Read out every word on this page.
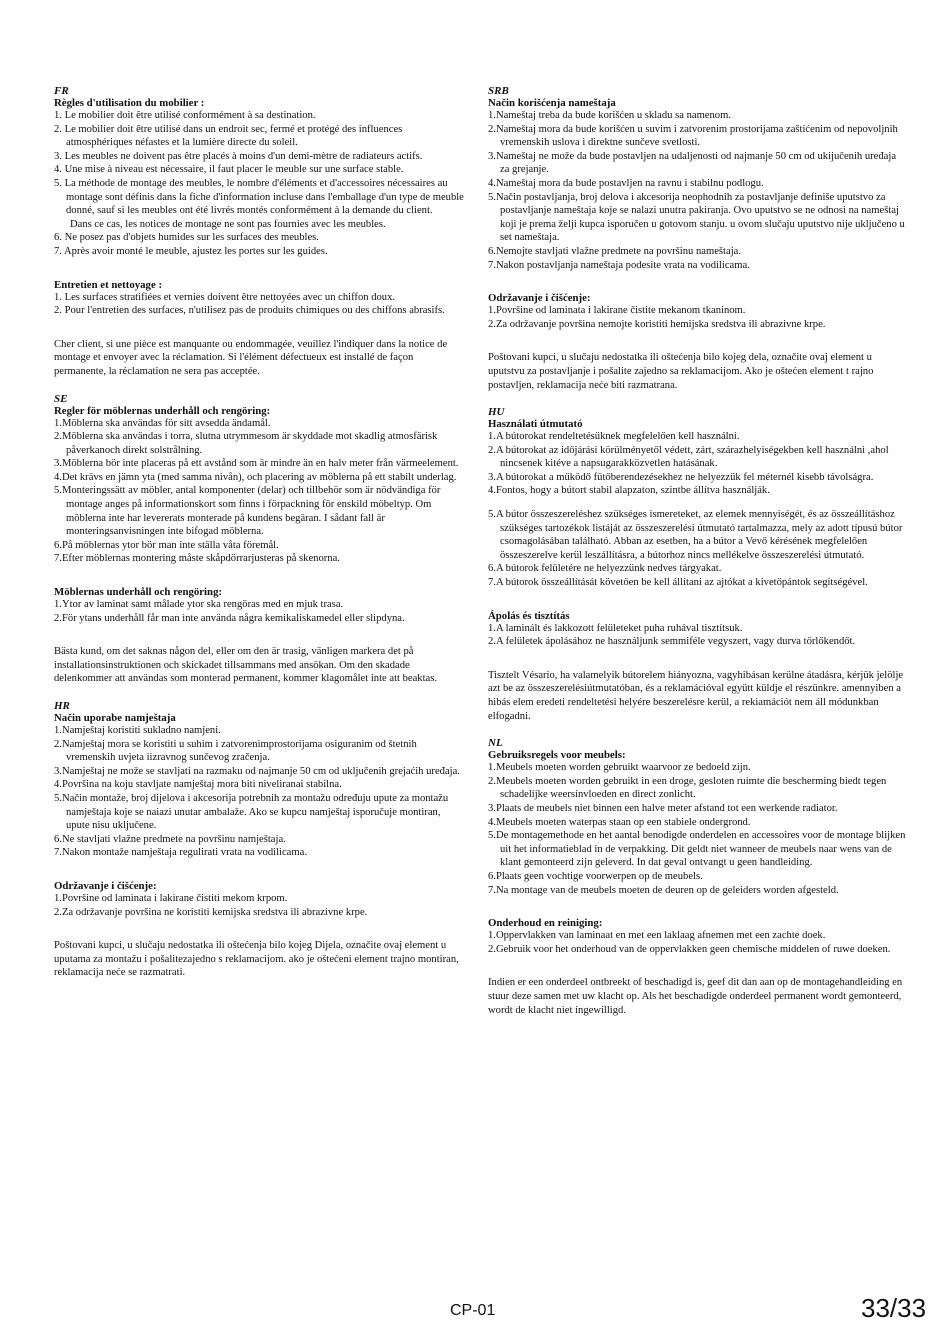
FR

Règles d'utilisation du mobilier :

1. Le mobilier doit être utilisé conformément à sa destination.

2. Le mobilier doit être utilisé dans un endroit sec, fermé et protégé des influences atmosphériques néfastes et la lumière directe du soleil.

3. Les meubles ne doivent pas être placés à moins d'un demi-mètre de radiateurs actifs.

4. Une mise à niveau est nécessaire, il faut placer le meuble sur une surface stable.

5. La méthode de montage des meubles, le nombre d'éléments et d'accessoires nécessaires au montage sont définis dans la fiche d'information incluse dans l'emballage d'un type de meuble donné, sauf si les meubles ont été livrés montés conformément à la demande du client.

Dans ce cas, les notices de montage ne sont pas fournies avec les meubles.

6. Ne posez pas d'objets humides sur les surfaces des meubles.

7. Après avoir monté le meuble, ajustez les portes sur les guides.

Entretien et nettoyage :

1. Les surfaces stratifiées et vernies doivent être nettoyées avec un chiffon doux.

2. Pour l'entretien des surfaces, n'utilisez pas de produits chimiques ou des chiffons abrasifs.

Cher client, si une pièce est manquante ou endommagée, veuillez l'indiquer dans la notice de montage et envoyer avec la réclamation. Si l'élément défectueux est installé de façon permanente, la réclamation ne sera pas acceptée.

SE

Regler för möblernas underhåll och rengöring:

1.Möblerna ska användas för sitt avsedda ändamål.

2.Möblerna ska användas i torra, slutna utrymmesom är skyddade mot skadlig atmosfärisk påverkanoch direkt solstrålning.

3.Möblerna bör inte placeras på ett avstånd som är mindre än en halv meter från värmeelement.

4.Det krävs en jämn yta (med samma nivån), och placering av möblerna på ett stabilt underlag.

5.Monteringssätt av möbler, antal komponenter (delar) och tillbehör som är nödvändiga för montage anges på informationskort som finns i förpackning för enskild möbeltyp. Om möblerna inte har levererats monterade på kundens begäran. I sådant fall är monteringsanvisningen inte bifogad möblerna.

6.På möblernas ytor bör man inte ställa våta föremål.

7.Efter möblernas montering måste skåpdörrarjusteras på skenorna.

Möblernas underhåll och rengöring:

1.Ytor av laminat samt målade ytor ska rengöras med en mjuk trasa.

2.För ytans underhåll får man inte använda några kemikaliskamedel eller slipdyna.

Bästa kund, om det saknas någon del, eller om den är trasig, vänligen markera det på installationsinstruktionen och skickadet tillsammans med ansökan. Om den skadade delenkommer att användas som monterad permanent, kommer klagomålet inte att beaktas.

HR

Način uporabe namještaja

1.Namještaj koristiti sukladno namjeni.

2.Namještaj mora se koristiti u suhim i zatvorenimprostorijama osiguranim od štetnih vremenskih uvjeta iizravnog sunčevog zračenja.

3.Namještaj ne može se stavljati na razmaku od najmanje 50 cm od uključenih grejaćih uređaja.

4.Površina na koju stavljate namještaj mora biti niveliranai stabilna.

5.Način montaže, broj dijelova i akcesorija potrebnih za montažu određuju upute za montažu namještaja koje se naiazi unutar ambalaže. Ako se kupcu namještaj isporučuje montiran, upute nisu uključene.

6.Ne stavljati vlažne predmete na površinu namještaja.

7.Nakon montaže namještaja regulirati vrata na vodilicama.

Održavanje i čišćenje:

1.Površine od laminata i lakirane čistiti mekom krpom.

2.Za održavanje površina ne koristiti kemijska sredstva ili abrazivne krpe.

Poštovani kupci, u slučaju nedostatka ili oštećenja bilo kojeg Dijela, označite ovaj element u uputama za montažu i pošalitezajedno s reklamacijom. ako je oštećeni element trajno montiran, reklamacija neće se razmatrati.

SRB

Način korišćenja nameštaja

1.Nameštaj treba da bude korišćen u skladu sa namenom.

2.Nameštaj mora da bude korišćen u suvim i zatvorenim prostorijama zaštićenim od nepovoljnih vremenskih uslova i direktne sunčeve svetlosti.

3.Nameštaj ne može da bude postavljen na udaljenosti od najmanje 50 cm od ukijučenih uređaja za grejanje.

4.Nameštaj mora da bude postavljen na ravnu i stabilnu podlogu.

5.Način postavljanja, broj delova i akcesorija neophodnih za postavljanje definiše uputstvo za postavljanje nameštaja koje se nalazi unutra pakiranja. Ovo uputstvo se ne odnosi na nameštaj koji je prema želji kupca isporučen u gotovom stanju. u ovom slučaju uputstvo nije uključeno u set nameštaja.

6.Nemojte stavljati vlažne predmete na površinu nameštaja.

7.Nakon postavljanja nameštaja podesite vrata na vodilicama.

Održavanje i čišćenje:

1.Površine od laminata i lakirane čistite mekanom tkaninom.

2.Za održavanje površina nemojte koristiti hemijska sredstva ili abrazivne krpe.

Poštovani kupci, u slučaju nedostatka ili oštećenja bilo kojeg dela, označite ovaj element u uputstvu za postavljanje i pošalite zajedno sa reklamacijom. Ako je oštećen element t rajno postavljen, reklamacija neće biti razmatrana.

HU

Használati útmutató

1.A bútorokat rendeltetésüknek megfelelően kell használni.

2.A bútorokat az időjárási körülményetől védett, zárt, szárazhelyiségekben kell használni ,ahol nincsenek kitéve a napsugarakközvetlen hatásának.

3.A bútorokat a működő fűtőberendezésekhez ne helyezzük fel méternél kisebb távolságra.

4.Fontos, hogy a bútort stabil alapzaton, szintbe állítva használják.

5.A bútor összeszereléshez szükséges ismereteket, az elemek mennyiségét, és az összeállításhoz szükséges tartozékok listáját az összeszerelési útmutató tartalmazza, mely az adott típusú bútor csomagolásában található. Abban az esetben, ha a bútor a Vevő kérésének megfelelően összeszerelve kerül leszállításra, a bútorhoz nincs mellékelve összeszerelési útmutató.

6.A bútorok felületére ne helyezzünk nedves tárgyakat.

7.A bútorok összeállítását követően be kell állítani az ajtókat a kivetőpántok segítségével.

Ápolás és tisztítás

1.A laminált és lakkozott felületeket puha ruhával tisztítsuk.

2.A felületek ápolásához ne használjunk semmiféle vegyszert, vagy durva törlőkendőt.

Tisztelt Vésario, ha valamelyik bútorelem hiányozna, vagyhibásan kerülne átadásra, kérjük jelölje azt be az összeszerelésiútmutatóban, és a reklamációval együtt küldje el részünkre. amennyiben a hibás elem eredeti rendeltetési helyére beszerelésre kerül, a rekiamációt nem áll módunkban elfogadni.

NL

Gebruiksregels voor meubels:

1.Meubels moeten worden gebruikt waarvoor ze bedoeld zijn.

2.Meubels moeten worden gebruikt in een droge, gesloten ruimte die bescherming biedt tegen schadelijke weersinvloeden en direct zonlicht.

3.Plaats de meubels niet binnen een halve meter afstand tot een werkende radiator.

4.Meubels moeten waterpas staan op een stabiele ondergrond.

5.De montagemethode en het aantal benodigde onderdelen en accessoires voor de montage blijken uit het informatieblad in de verpakking. Dit geldt niet wanneer de meubels naar wens van de klant gemonteerd zijn geleverd. In dat geval ontvangt u geen handleiding.

6.Plaats geen vochtige voorwerpen op de meubels.

7.Na montage van de meubels moeten de deuren op de geleiders worden afgesteld.

Onderhoud en reiniging:

1.Oppervlakken van laminaat en met een laklaag afnemen met een zachte doek.

2.Gebruik voor het onderhoud van de oppervlakken geen chemische middelen of ruwe doeken.

Indien er een onderdeel ontbreekt of beschadigd is, geef dit dan aan op de montagehandleiding en stuur deze samen met uw klacht op. Als het beschadigde onderdeel permanent wordt gemonteerd, wordt de klacht niet ingewilligd.

CP-01	33/33
